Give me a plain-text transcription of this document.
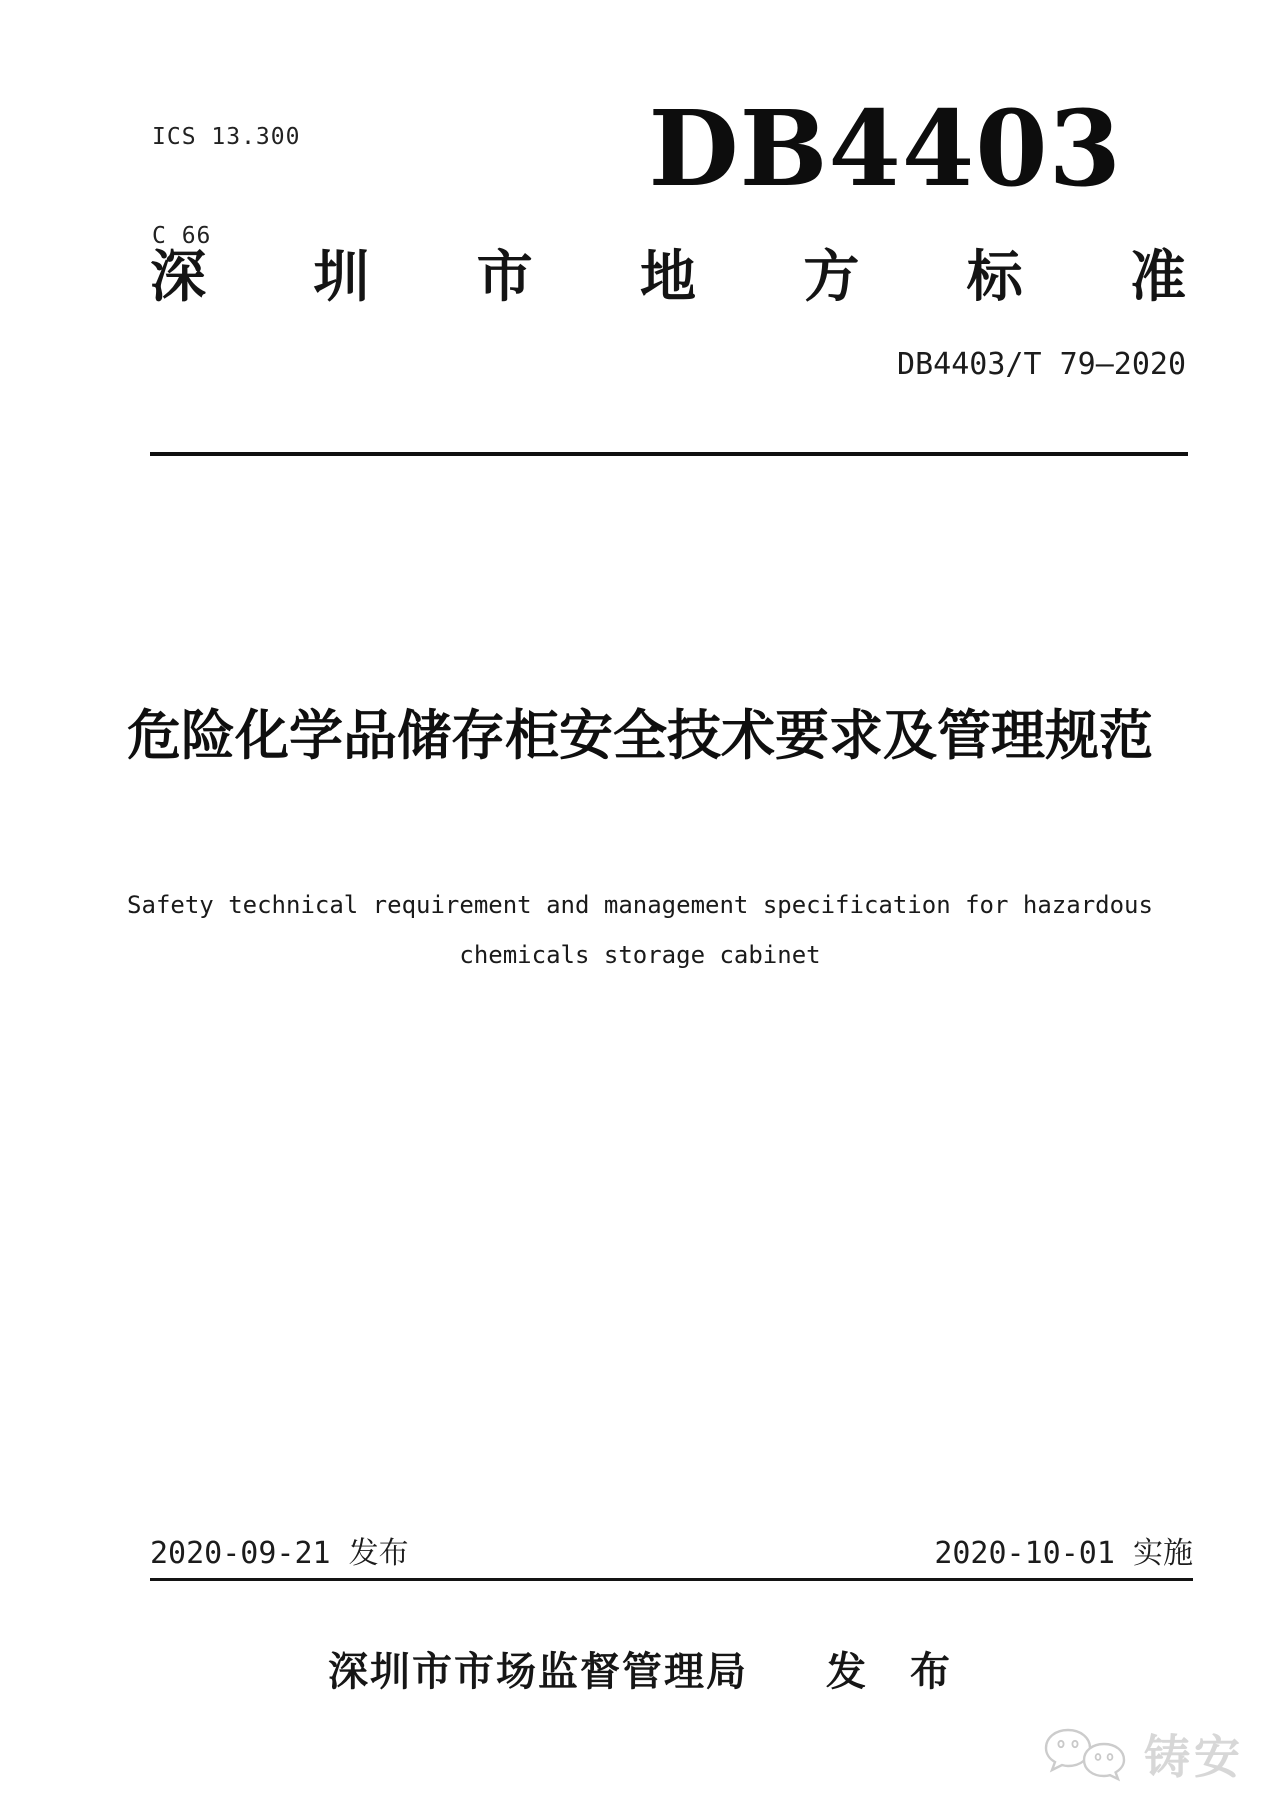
ICS 13.300

C 66

DB4403
深 圳 市 地 方 标 准
DB4403/T 79—2020
危险化学品储存柜安全技术要求及管理规范
Safety technical requirement and management specification for hazardous
chemicals storage cabinet
2020-09-21 发布	2020-10-01 实施
深圳市市场监督管理局 发　布
铸安
